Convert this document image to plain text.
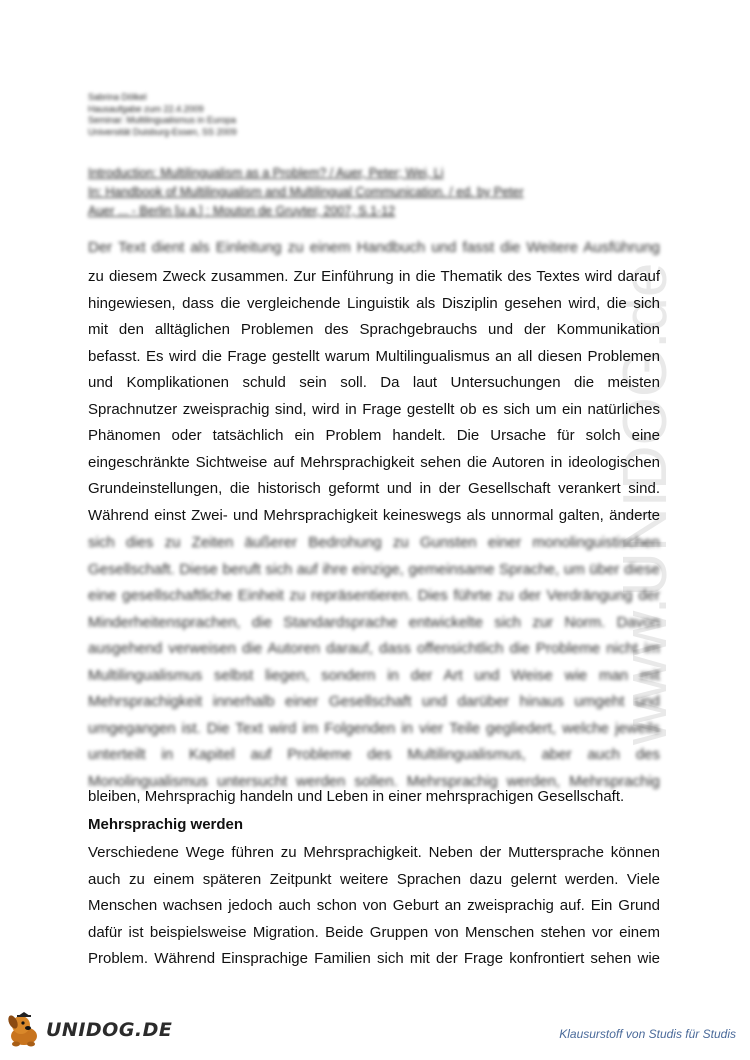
www.UNIDOG.de
Sabrina Dölkel
Hausaufgabe zum 22.4.2009
Seminar: Multilingualismus in Europa
Universität Duisburg-Essen, SS 2009
Introduction: Multilingualism as a Problem? / Auer, Peter; Wei, Li
In: Handbook of Multilingualism and Multilingual Communication. / ed. by Peter
Auer ... - Berlin [u.a.] : Mouton de Gruyter, 2007, S.1-12
Der Text dient als Einleitung zu einem Handbuch und fasst die Weitere Ausführung
zu diesem Zweck zusammen. Zur Einführung in die Thematik des Textes wird darauf
hingewiesen, dass die vergleichende Linguistik als Disziplin gesehen wird, die sich
mit den alltäglichen Problemen des Sprachgebrauchs und der Kommunikation
befasst. Es wird die Frage gestellt warum Multilingualismus an all diesen Problemen
und Komplikationen schuld sein soll. Da laut Untersuchungen die meisten
Sprachnutzer zweisprachig sind, wird in Frage gestellt ob es sich um ein natürliches
Phänomen oder tatsächlich ein Problem handelt. Die Ursache für solch eine
eingeschränkte Sichtweise auf Mehrsprachigkeit sehen die Autoren in ideologischen
Grundeinstellungen, die historisch geformt und in der Gesellschaft verankert sind.
Während einst Zwei- und Mehrsprachigkeit keineswegs als unnormal galten, änderte
sich dies zu Zeiten äußerer Bedrohung zu Gunsten einer monolinguistischen
Gesellschaft. Diese beruft sich auf ihre einzige, gemeinsame Sprache, um über diese
eine gesellschaftliche Einheit zu repräsentieren. Dies führte zu der Verdrängung der
Minderheitensprachen, die Standardsprache entwickelte sich zur Norm. Davon
ausgehend verweisen die Autoren darauf, dass offensichtlich die Probleme nicht im
Multilingualismus selbst liegen, sondern in der Art und Weise wie man mit
Mehrsprachigkeit innerhalb einer Gesellschaft und darüber hinaus umgeht und
umgegangen ist. Die Text wird im Folgenden in vier Teile gegliedert, welche jeweils
unterteilt in Kapitel auf Probleme des Multilingualismus, aber auch des
Monolingualismus untersucht werden sollen. Mehrsprachig werden, Mehrsprachig
bleiben, Mehrsprachig handeln und Leben in einer mehrsprachigen Gesellschaft.
Mehrsprachig werden
Verschiedene Wege führen zu Mehrsprachigkeit. Neben der Muttersprache können
auch zu einem späteren Zeitpunkt weitere Sprachen dazu gelernt werden. Viele
Menschen wachsen jedoch auch schon von Geburt an zweisprachig auf. Ein Grund
dafür ist beispielsweise Migration. Beide Gruppen von Menschen stehen vor einem
Problem. Während Einsprachige Familien sich mit der Frage konfrontiert sehen wie
UNIDOG.DE	Klausurstoff von Studis für Studis
